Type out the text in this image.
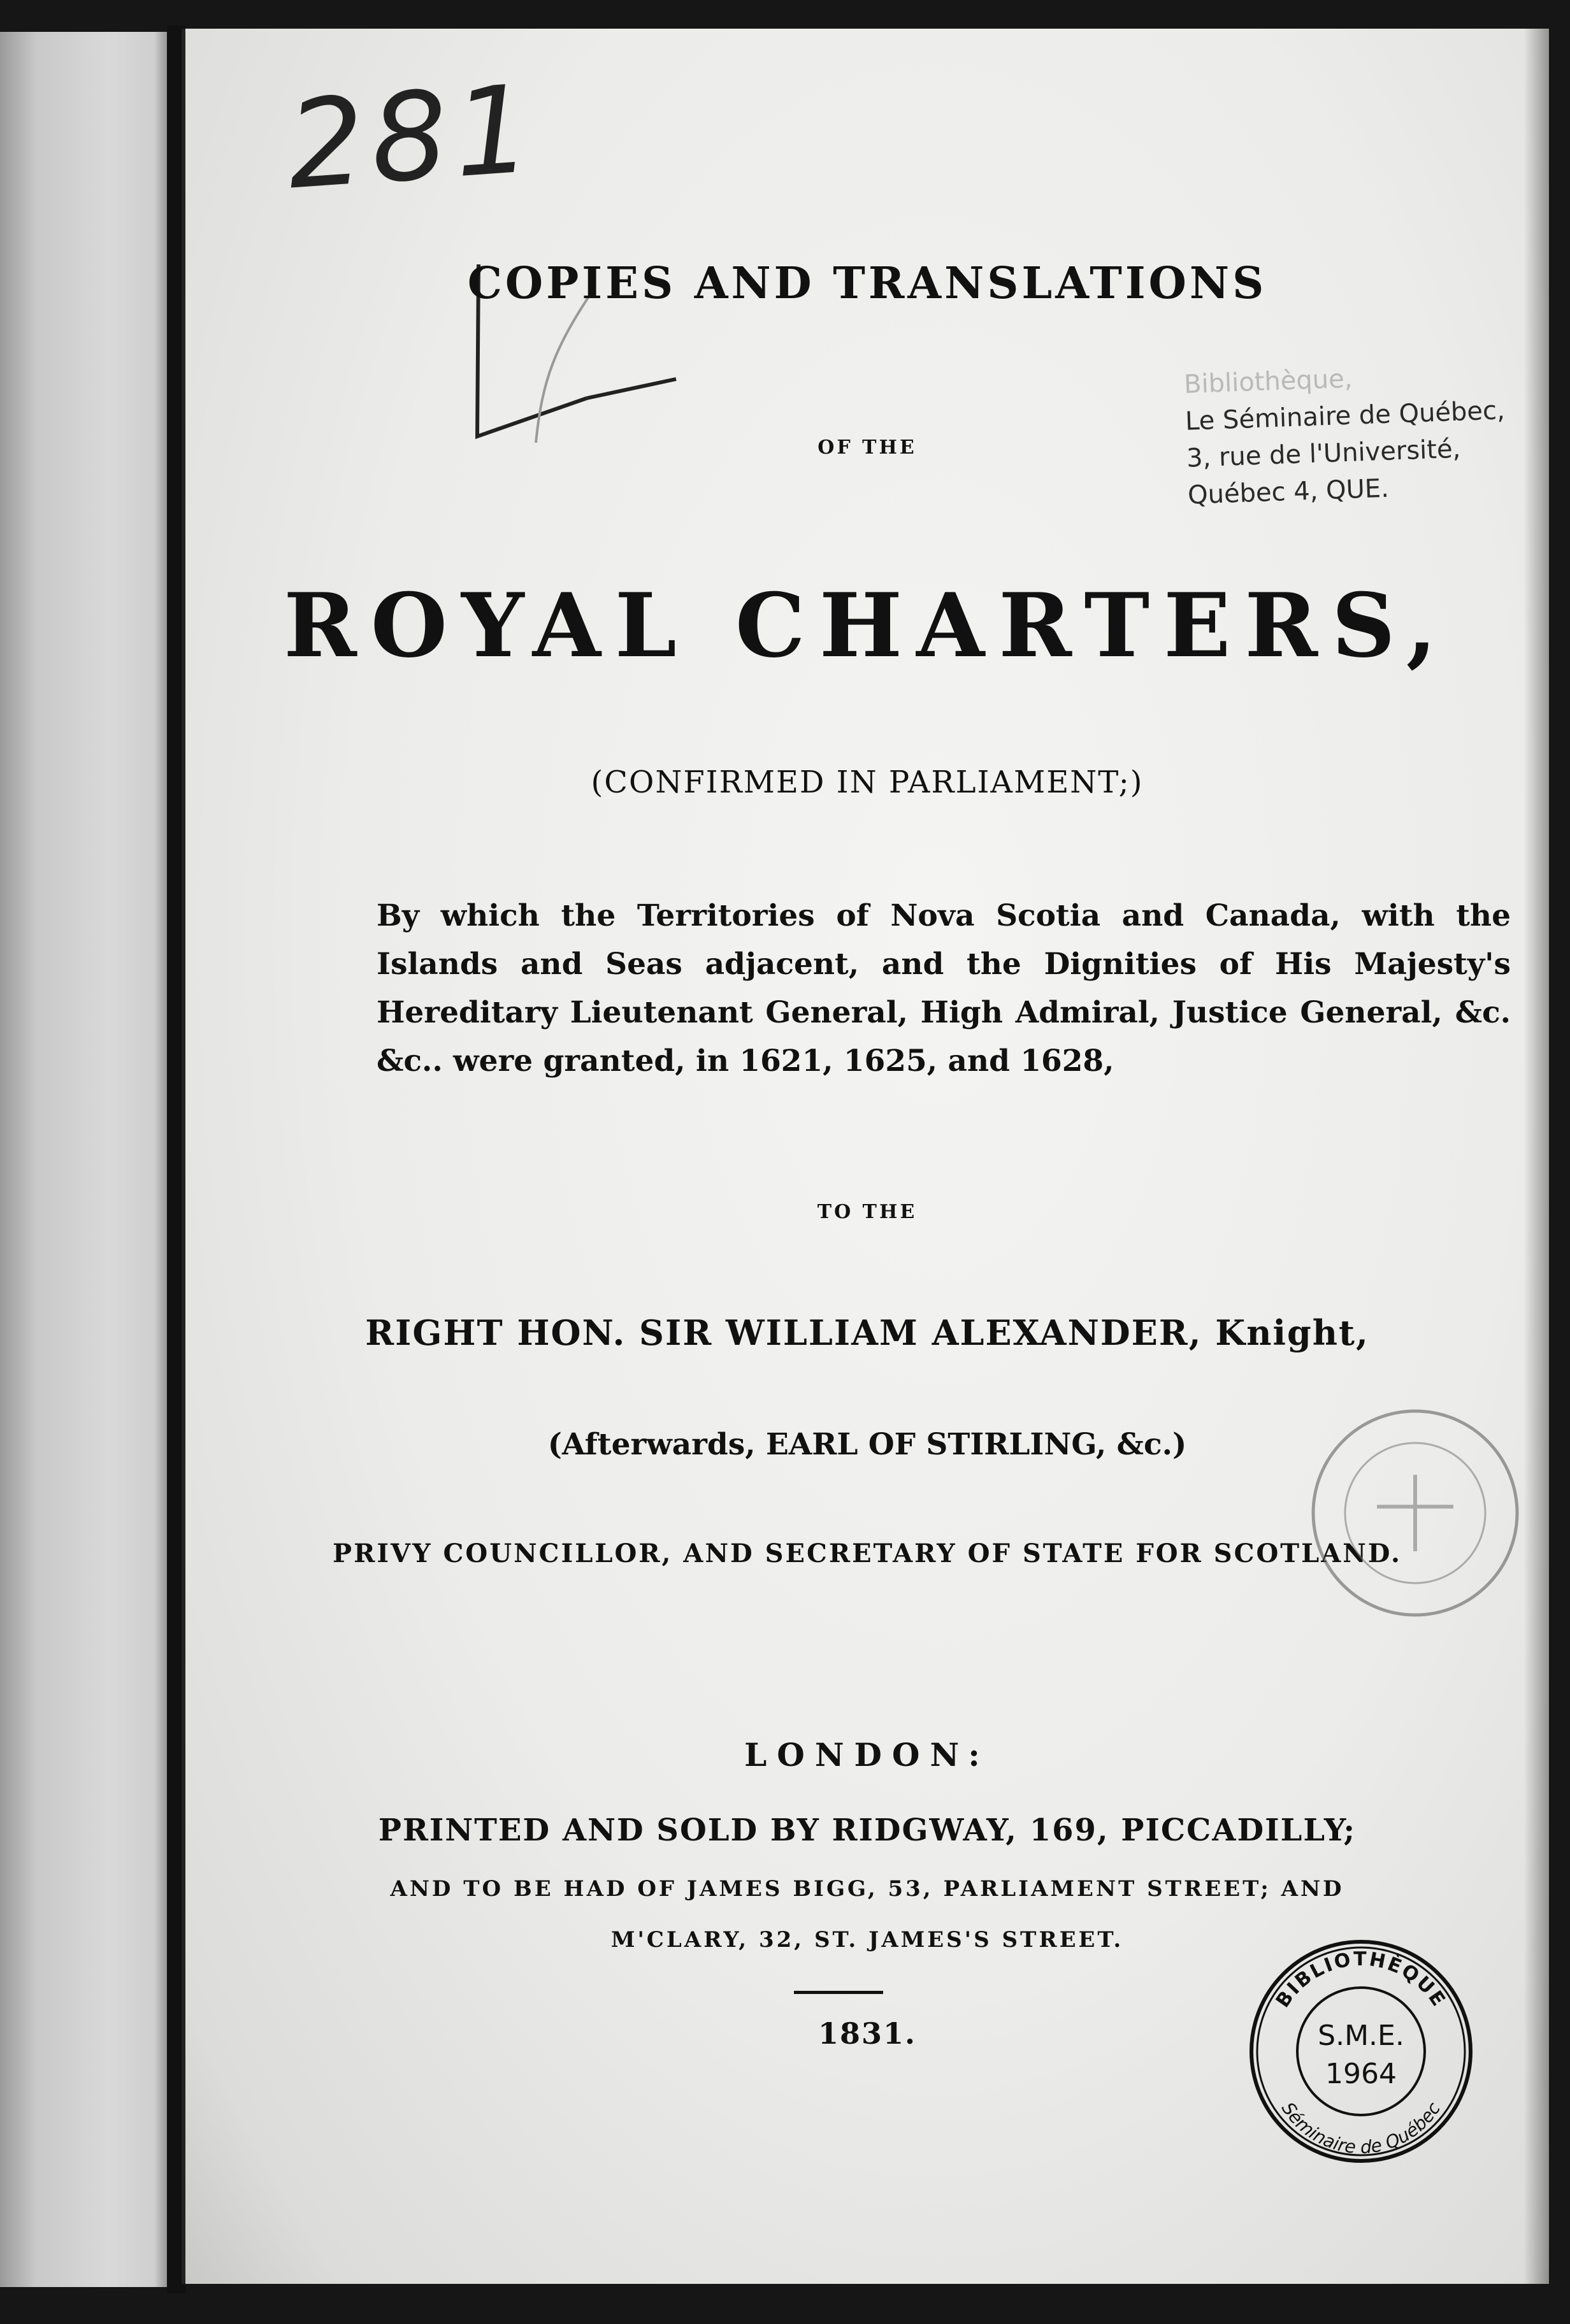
281
COPIES AND TRANSLATIONS
OF THE
ROYAL CHARTERS,
(CONFIRMED IN PARLIAMENT;)
By which the Territories of Nova Scotia and Canada, with the Islands and Seas adjacent, and the Dignities of His Majesty's Hereditary Lieutenant General, High Admiral, Justice General, &c. &c.. were granted, in 1621, 1625, and 1628,
TO THE
RIGHT HON. SIR WILLIAM ALEXANDER, Knight,
(Afterwards, EARL OF STIRLING, &c.)
PRIVY COUNCILLOR, AND SECRETARY OF STATE FOR SCOTLAND.
LONDON:
PRINTED AND SOLD BY RIDGWAY, 169, PICCADILLY;
AND TO BE HAD OF JAMES BIGG, 53, PARLIAMENT STREET; AND
M'CLARY, 32, ST. JAMES'S STREET.
1831.
Bibliothèque,
Le Séminaire de Québec,
3, rue de l'Université,
Québec 4, QUE.
BIBLIOTHÈQUE
Séminaire de Québec
S.M.E.
1964
